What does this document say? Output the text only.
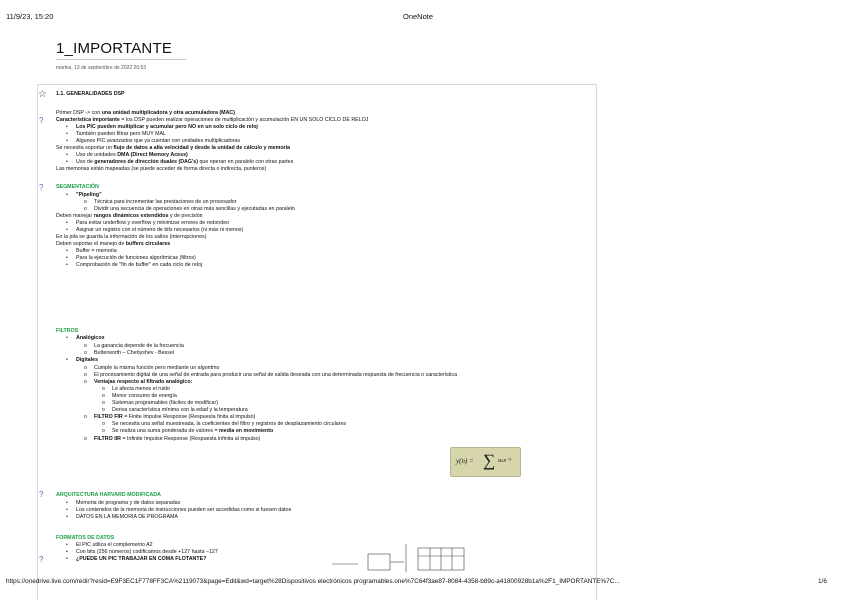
11/9/23, 15:20	OneNote
1_IMPORTANTE
martes, 13 de septiembre de 2022 20:53
☆ 1.1. GENERALIDADES DSP
Primer DSP -> con una unidad multiplicadora y otra acumuladora (MAC)
? Característica importante = los DSP pueden realizar operaciones de multiplicación y acumulación EN UN SOLO CICLO DE RELOJ
• Los PIC pueden multiplicar y acumular pero NO en un solo ciclo de reloj
• También pueden filtrar pero MUY MAL
• Algunos PIC avanzados que ya cuentan con unidades multiplicadoras
Se necesita soportar un flujo de datos a alta velocidad y desde la unidad de cálculo y memoria
• Uso de unidades DMA (Direct Memory Acess)
• Uso de generadores de dirección duales (DAG's) que operan en paralelo con otras partes
Las memorias están mapeadas (se puede acceder de forma directa o indirecta, punteros)
? SEGMENTACIÓN
• "Pipeling"
o Técnica para incrementar las prestaciones de un procesador
o Dividir una secuencia de operaciones en otras más sencillas y ejecutarlas en paralelo
Deben manejar rangos dinámicos extendidos y de precisión
• Para evitar underflow y overflow y minimizar errores de redondeo
• Asignar un registro con el número de bits necesarios (ni más ni menos)
En la pila se guarda la información de los saltos (interrupciones)
Deben soportar el manejo de buffers circulares
• Buffer = memoria
• Para la ejecución de funciones algorítmicas (filtros)
• Comprobación de "fin de buffer" en cada ciclo de reloj
FILTROS
• Analógicos
o La ganancia depende de la frecuencia
o Butterworth – Chebyshev - Bessel
• Digitales
o Cumple la misma función pero mediante un algoritmo
o El procesamiento digital de una señal de entrada para producir una señal de salida deseada con una determinada respuesta de frecuencia o característica
o Ventajas respecto al filtrado analógico:
o Le afecta menos el ruido
o Menor consumo de energía
o Sistemas programables (fáciles de modificar)
o Deriva característica mínima con la edad y la temperatura
o FILTRO FIR = Finite Impulse Response (Respuesta finita al impulso)
o Se necesita una señal muestreada, la coeficientes del filtro y registros de desplazamiento circulares
o Se realiza una suma ponderada de valores = media en movimiento
o FILTRO IIR = Infinite Impulse Response (Respuesta infinita al impulso)
y(n) = ∑ aₖx⁻ᵏ
? ARQUITECTURA HARVARD MODIFICADA
• Memoria de programa y de datos separadas
• Los contenidos de la memoria de instrucciones pueden ser accedidas como si fuesen datos
• DATOS EN LA MEMORIA DE PROGRAMA
FORMATOS DE DATOS
• El PIC utiliza el complemento A2
• Con bits (256 números) codificamos desde +127 hasta –127
?	• ¿PUEDE UN PIC TRABAJAR EN COMA FLOTANTE?
https://onedrive.live.com/redir?resid=E9F3EC1F778FF3CA%2119073&page=Edit&wd=target%28Dispositivos electrónicos programables.one%7C64f3ae87-8084-4358-b89c-a41800928b1a%2F1_IMPORTANTE%7C...	1/6
